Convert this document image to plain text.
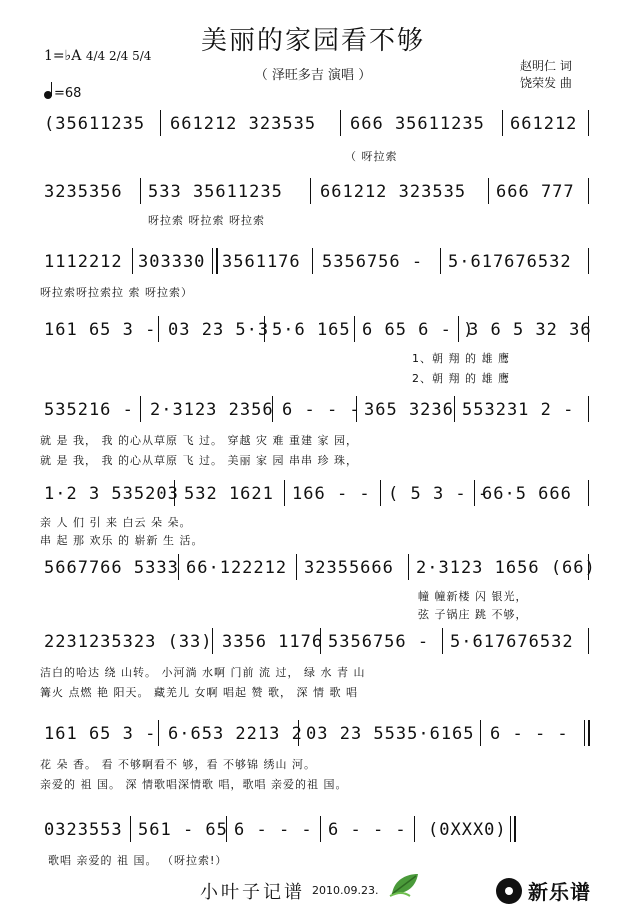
美丽的家园看不够
（ 泽旺多吉 演唱 ）
1=♭A 4/4 2/4 5/4
=68
赵明仁 词
饶荣发 曲
(35611235 661212 323535 666 35611235 661212
（ 呀拉索
3235356 533 35611235 661212 323535 666 777
呀拉索 呀拉索 呀拉索
1112212 303330 3561176 5356756 - 5·617676532
呀拉索呀拉索拉 索 呀拉索）
161 65 3 - 03 23 5·3 5·6 165 6 65 6 - )
3 6 5 32 36
1、朝 翔 的 雄 鹰
2、朝 翔 的 雄 鹰
535216 - 2·3123 2356 6 - - - 365 3236 553231 2 -
就 是 我， 我 的心从草原 飞 过。 穿越 灾 难 重建 家 园，
就 是 我， 我 的心从草原 飞 过。 美丽 家 园 串串 珍 珠，
1·2 3 535203 532 1621 166 - - ( 5 3 - -
66·5 666
亲 人 们 引 来 白云 朵 朵。
串 起 那 欢乐 的 崭新 生 活。
5667766 5333 66·122212 32355666 2·3123 1656 (66)
幢 幢新楼 闪 银光，
弦 子锅庄 跳 不够，
2231235323 (33) 3356 1176 5356756 - 5·617676532
洁白的哈达 绕 山转。 小河淌 水啊 门前 流 过， 绿 水 青 山
篝火 点燃 艳 阳天。 藏羌儿 女啊 唱起 赞 歌， 深 情 歌 唱
161 65 3 - 6·653 2213 2 03 23 5535·6165 6 - - -
花 朵 香。 看 不够啊看不 够，看 不够锦 绣山 河。
亲爱的 祖 国。 深 情歌唱深情歌 唱，歌唱 亲爱的祖 国。
0323553 561 - 65 6 - - - 6 - - - (0XXX0)
歌唱 亲爱的 祖 国。 （呀拉索!）
小叶子记谱 2010.09.23.	新乐谱
